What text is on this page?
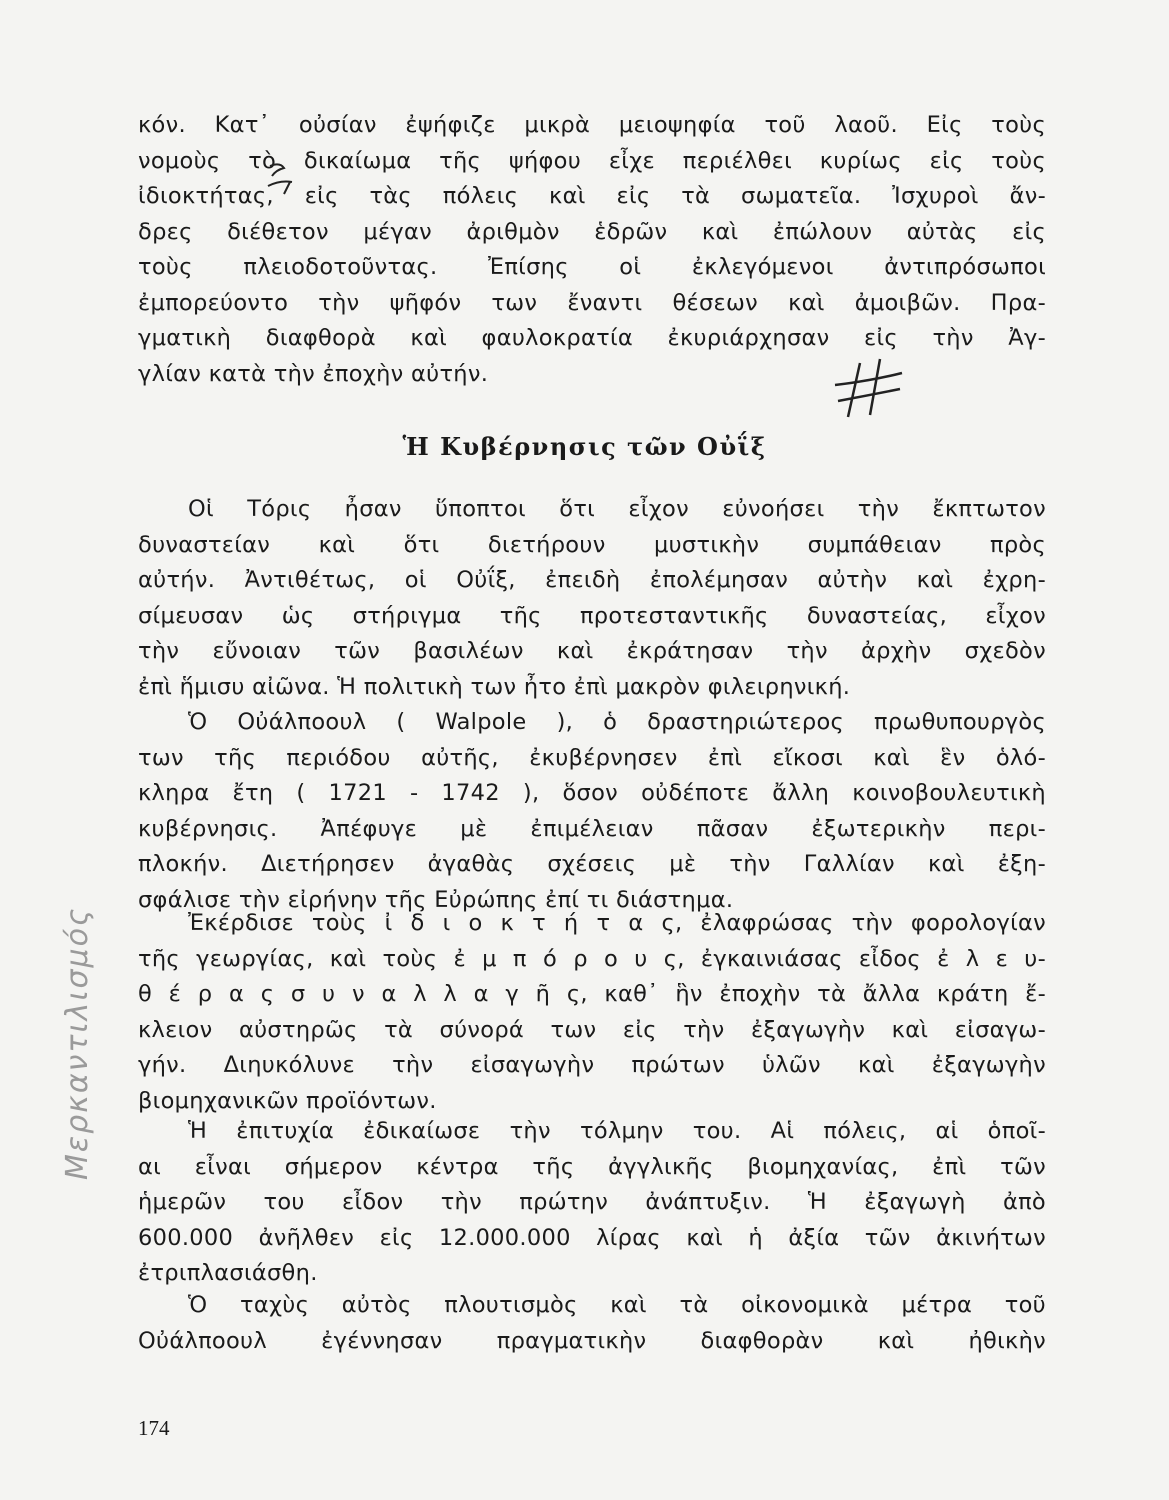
κόν. Κατ᾽ οὐσίαν ἐψήφιζε μικρὰ μειοψηφία τοῦ λαοῦ. Εἰς τοὺς
νομοὺς τὸ δικαίωμα τῆς ψήφου εἶχε περιέλθει κυρίως εἰς τοὺς
ἰδιοκτήτας, εἰς τὰς πόλεις καὶ εἰς τὰ σωματεῖα. Ἰσχυροὶ ἄν-
δρες διέθετον μέγαν ἀριθμὸν ἑδρῶν καὶ ἐπώλουν αὐτὰς εἰς
τοὺς πλειοδοτοῦντας. Ἐπίσης οἱ ἐκλεγόμενοι ἀντιπρόσωποι
ἐμπορεύοντο τὴν ψῆφόν των ἔναντι θέσεων καὶ ἀμοιβῶν. Πρα-
γματικὴ διαφθορὰ καὶ φαυλοκρατία ἐκυριάρχησαν εἰς τὴν Ἀγ-
γλίαν κατὰ τὴν ἐποχὴν αὐτήν.
Ἡ Κυβέρνησις τῶν Οὐΐξ
Οἱ Τόρις ἦσαν ὕποπτοι ὅτι εἶχον εὐνοήσει τὴν ἔκπτωτον
δυναστείαν καὶ ὅτι διετήρουν μυστικὴν συμπάθειαν πρὸς
αὐτήν. Ἀντιθέτως, οἱ Οὐΐξ, ἐπειδὴ ἐπολέμησαν αὐτὴν καὶ ἐχρη-
σίμευσαν ὡς στήριγμα τῆς προτεσταντικῆς δυναστείας, εἶχον
τὴν εὔνοιαν τῶν βασιλέων καὶ ἐκράτησαν τὴν ἀρχὴν σχεδὸν
ἐπὶ ἥμισυ αἰῶνα. Ἡ πολιτικὴ των ἦτο ἐπὶ μακρὸν φιλειρηνική.
Ὁ Οὐάλποουλ ( Walpole ), ὁ δραστηριώτερος πρωθυπουργὸς
των τῆς περιόδου αὐτῆς, ἐκυβέρνησεν ἐπὶ εἴκοσι καὶ ἓν ὁλό-
κληρα ἔτη ( 1721 - 1742 ), ὅσον οὐδέποτε ἄλλη κοινοβουλευτικὴ
κυβέρνησις. Ἀπέφυγε μὲ ἐπιμέλειαν πᾶσαν ἐξωτερικὴν περι-
πλοκήν. Διετήρησεν ἀγαθὰς σχέσεις μὲ τὴν Γαλλίαν καὶ ἐξη-
σφάλισε τὴν εἰρήνην τῆς Εὐρώπης ἐπί τι διάστημα.
Ἐκέρδισε τοὺς ἰ δ ι ο κ τ ή τ α ς, ἐλαφρώσας τὴν φορολογίαν
τῆς γεωργίας, καὶ τοὺς ἐ μ π ό ρ ο υ ς, ἐγκαινιάσας εἶδος ἐ λ ε υ-
θ έ ρ α ς σ υ ν α λ λ α γ ῆ ς, καθ᾽ ἣν ἐποχὴν τὰ ἄλλα κράτη ἔ-
κλειον αὐστηρῶς τὰ σύνορά των εἰς τὴν ἐξαγωγὴν καὶ εἰσαγω-
γήν. Διηυκόλυνε τὴν εἰσαγωγὴν πρώτων ὑλῶν καὶ ἐξαγωγὴν
βιομηχανικῶν προϊόντων.
Ἡ ἐπιτυχία ἐδικαίωσε τὴν τόλμην του. Αἱ πόλεις, αἱ ὁποῖ-
αι εἶναι σήμερον κέντρα τῆς ἀγγλικῆς βιομηχανίας, ἐπὶ τῶν
ἡμερῶν του εἶδον τὴν πρώτην ἀνάπτυξιν. Ἡ ἐξαγωγὴ ἀπὸ
600.000 ἀνῆλθεν εἰς 12.000.000 λίρας καὶ ἡ ἀξία τῶν ἀκινήτων
ἐτριπλασιάσθη.
Ὁ ταχὺς αὐτὸς πλουτισμὸς καὶ τὰ οἰκονομικὰ μέτρα τοῦ
Οὐάλποουλ ἐγέννησαν πραγματικὴν διαφθορὰν καὶ ἠθικὴν
Μερκαντιλισμός
174
